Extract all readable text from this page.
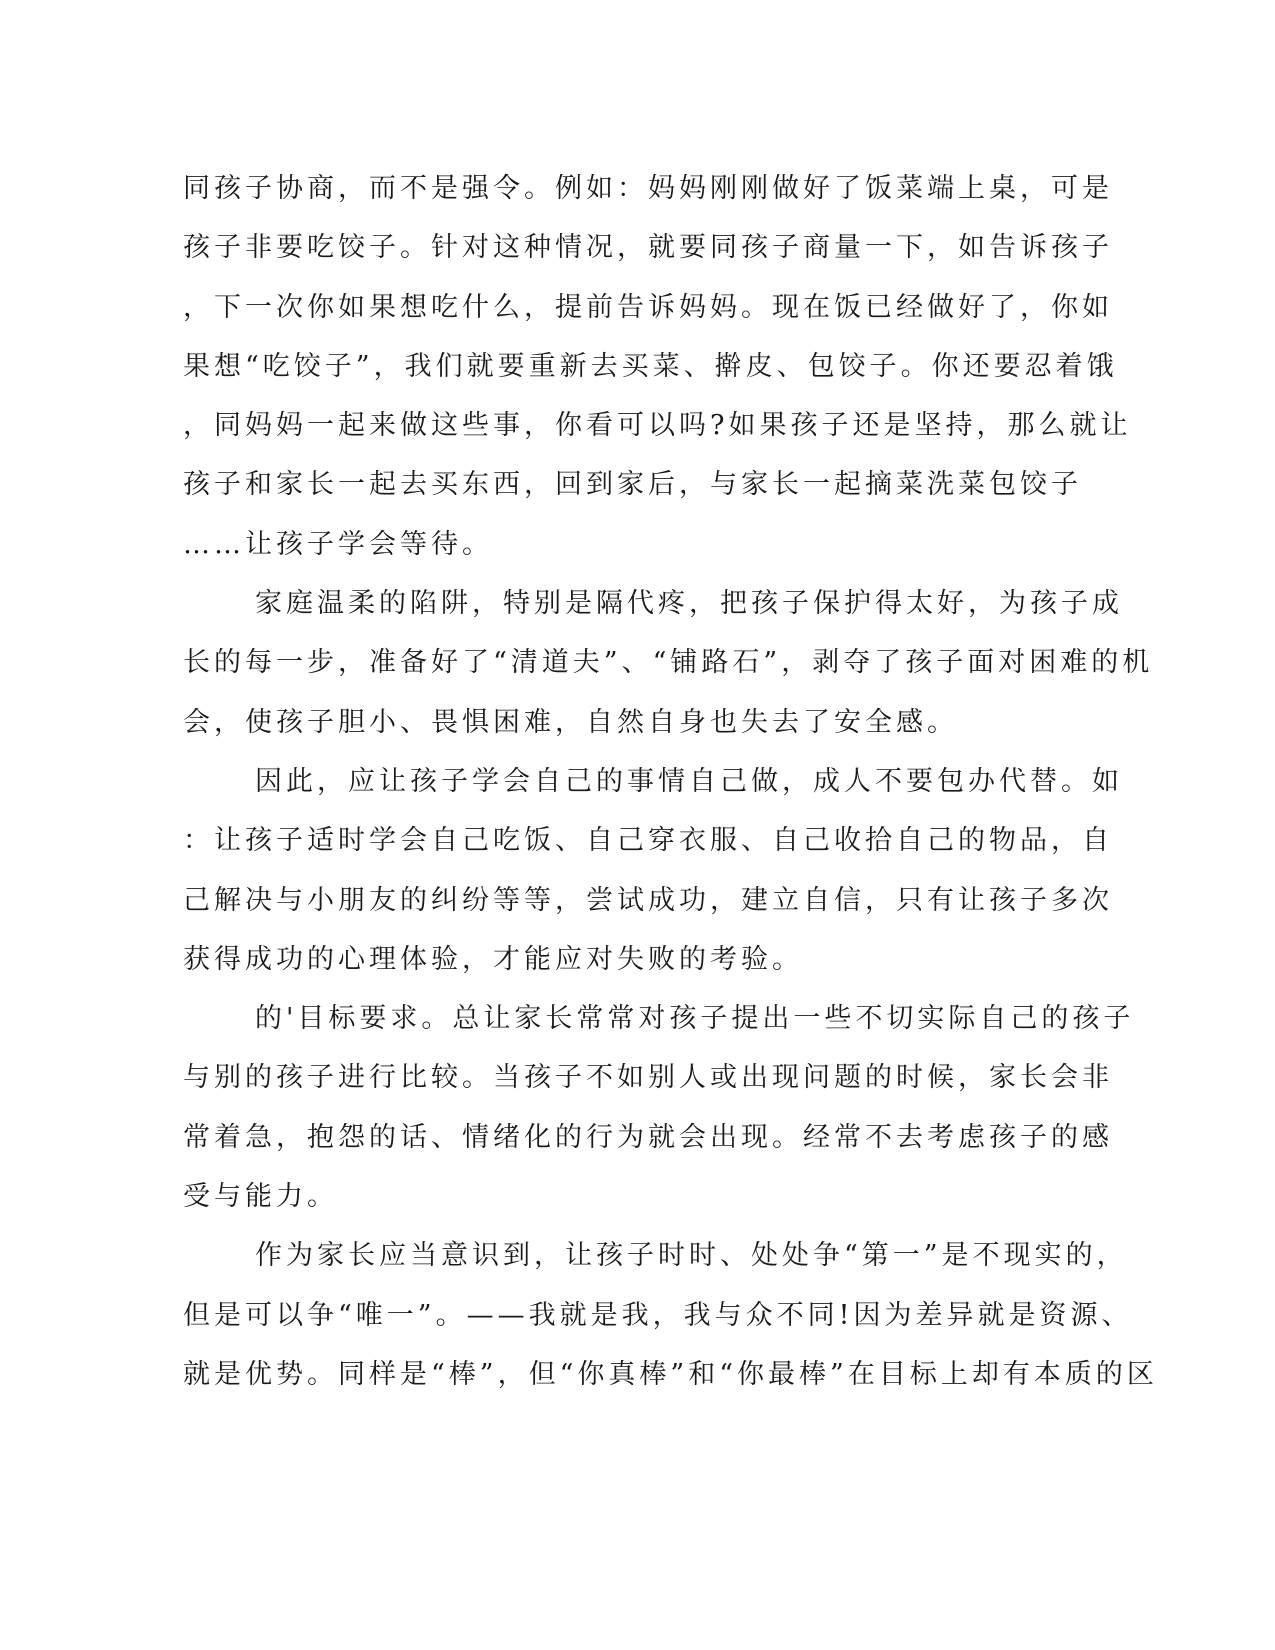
同孩子协商，而不是强令。例如：妈妈刚刚做好了饭菜端上桌，可是
孩子非要吃饺子。针对这种情况，就要同孩子商量一下，如告诉孩子
，下一次你如果想吃什么，提前告诉妈妈。现在饭已经做好了，你如
果想“吃饺子”，我们就要重新去买菜、擀皮、包饺子。你还要忍着饿
，同妈妈一起来做这些事，你看可以吗?如果孩子还是坚持，那么就让
孩子和家长一起去买东西，回到家后，与家长一起摘菜洗菜包饺子
……让孩子学会等待。
家庭温柔的陷阱，特别是隔代疼，把孩子保护得太好，为孩子成
长的每一步，准备好了“清道夫”、“铺路石”，剥夺了孩子面对困难的机
会，使孩子胆小、畏惧困难，自然自身也失去了安全感。
因此，应让孩子学会自己的事情自己做，成人不要包办代替。如
：让孩子适时学会自己吃饭、自己穿衣服、自己收拾自己的物品，自
己解决与小朋友的纠纷等等，尝试成功，建立自信，只有让孩子多次
获得成功的心理体验，才能应对失败的考验。
的'目标要求。总让家长常常对孩子提出一些不切实际自己的孩子
与别的孩子进行比较。当孩子不如别人或出现问题的时候，家长会非
常着急，抱怨的话、情绪化的行为就会出现。经常不去考虑孩子的感
受与能力。
作为家长应当意识到，让孩子时时、处处争“第一”是不现实的，
但是可以争“唯一”。——我就是我，我与众不同!因为差异就是资源、
就是优势。同样是“棒”，但“你真棒”和“你最棒”在目标上却有本质的区
